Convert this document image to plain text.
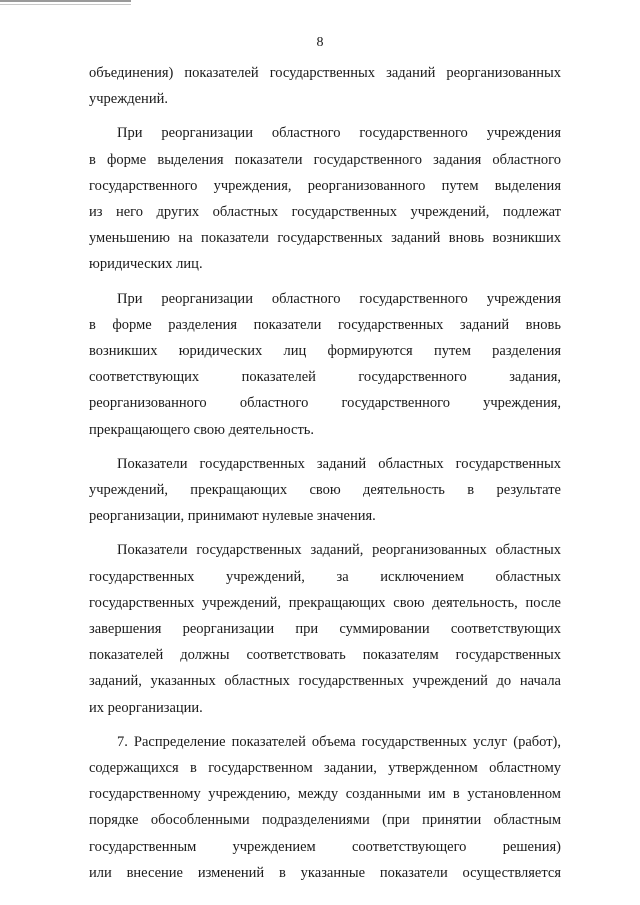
8
объединения) показателей государственных заданий реорганизованных
учреждений.
При реорганизации областного государственного учреждения
в форме выделения показатели государственного задания областного
государственного учреждения, реорганизованного путем выделения
из него других областных государственных учреждений, подлежат
уменьшению на показатели государственных заданий вновь возникших
юридических лиц.
При реорганизации областного государственного учреждения
в форме разделения показатели государственных заданий вновь
возникших юридических лиц формируются путем разделения
соответствующих показателей государственного задания,
реорганизованного областного государственного учреждения,
прекращающего свою деятельность.
Показатели государственных заданий областных государственных
учреждений, прекращающих свою деятельность в результате
реорганизации, принимают нулевые значения.
Показатели государственных заданий, реорганизованных областных
государственных учреждений, за исключением областных
государственных учреждений, прекращающих свою деятельность, после
завершения реорганизации при суммировании соответствующих
показателей должны соответствовать показателям государственных
заданий, указанных областных государственных учреждений до начала
их реорганизации.
7. Распределение показателей объема государственных услуг (работ),
содержащихся в государственном задании, утвержденном областному
государственному учреждению, между созданными им в установленном
порядке обособленными подразделениями (при принятии областным
государственным учреждением соответствующего решения)
или внесение изменений в указанные показатели осуществляется
